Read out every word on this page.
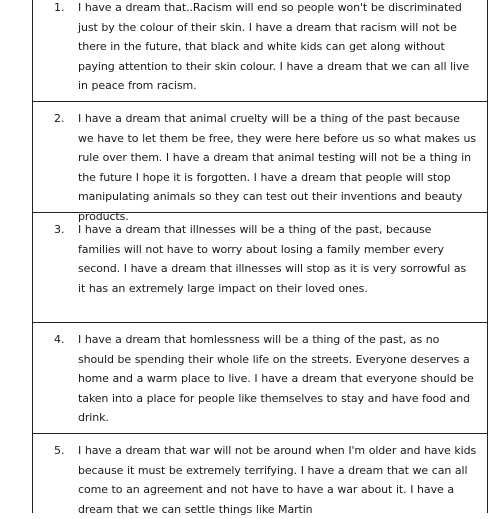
1. I have a dream that..Racism will end so people won't be discriminated just by the colour of their skin. I have a dream that racism will not be there in the future, that black and white kids can get along without paying attention to their skin colour. I have a dream that we can all live in peace from racism.
2. I have a dream that animal cruelty will be a thing of the past because we have to let them be free, they were here before us so what makes us rule over them. I have a dream that animal testing will not be a thing in the future I hope it is forgotten. I have a dream that people will stop manipulating animals so they can test out their inventions and beauty products.
3. I have a dream that illnesses will be a thing of the past, because families will not have to worry about losing a family member every second. I have a dream that illnesses will stop as it is very sorrowful as it has an extremely large impact on their loved ones.
4. I have a dream that homlessness will be a thing of the past, as no should be spending their whole life on the streets. Everyone deserves a home and a warm place to live. I have a dream that everyone should be taken into a place for people like themselves to stay and have food and drink.
5. I have a dream that war will not be around when I'm older and have kids because it must be extremely terrifying. I have a dream that we can all come to an agreement and not have to have a war about it. I have a dream that we can settle things like Martin
